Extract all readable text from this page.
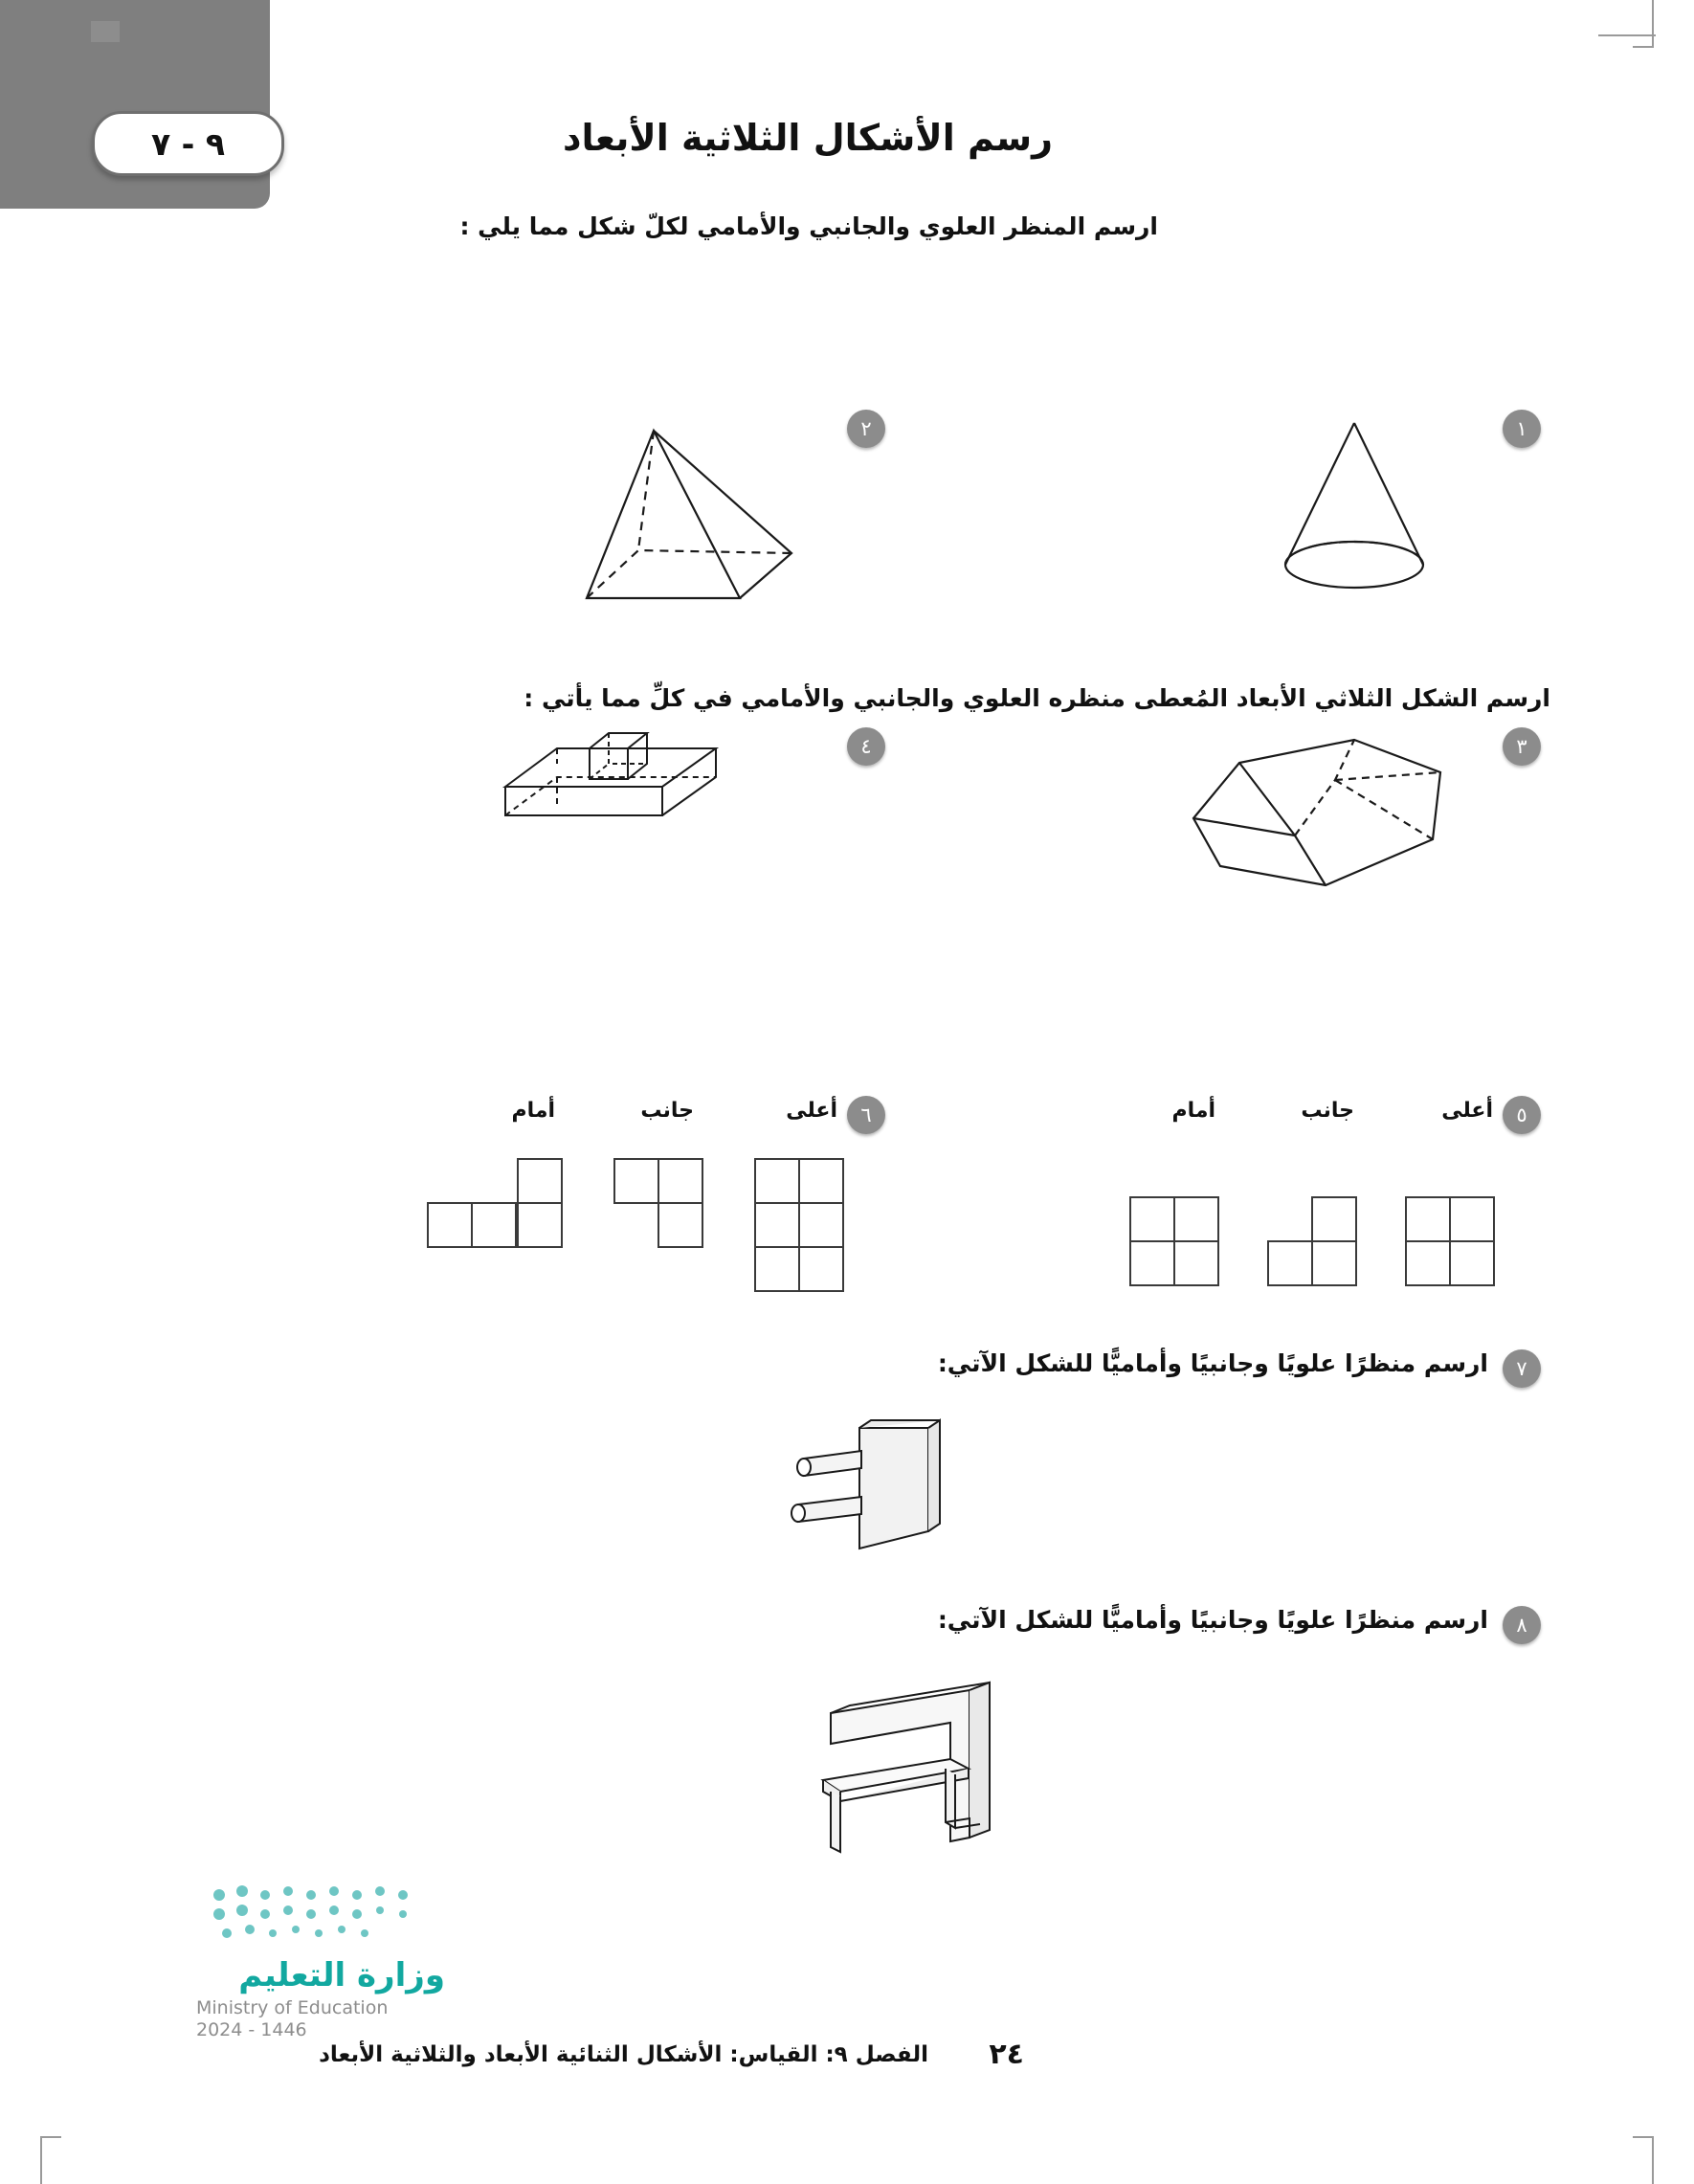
٩ - ٧	رسم الأشكال الثلاثية الأبعاد
ارسم المنظر العلوي والجانبي والأمامي لكلّ شكل مما يلي :
١
٢
٣
٤
ارسم الشكل الثلاثي الأبعاد المُعطى منظره العلوي والجانبي والأمامي في كلِّ مما يأتي :
٥
أعلى
جانب
أمام
٦
أعلى
جانب
أمام
٧
ارسم منظرًا علويًا وجانبيًا وأماميًّا للشكل الآتي:
٨
ارسم منظرًا علويًا وجانبيًا وأماميًّا للشكل الآتي:
وزارة التعليم
Ministry of Education
2024 - 1446
الفصل ٩: القياس: الأشكال الثنائية الأبعاد والثلاثية الأبعاد ٢٤
